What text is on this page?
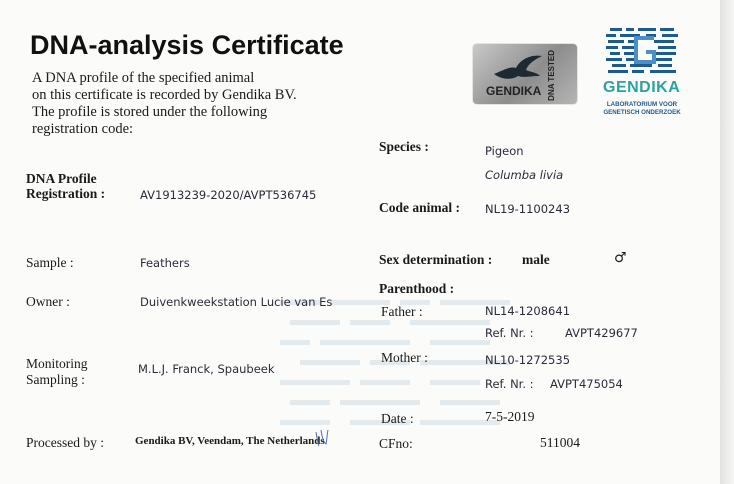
DNA-analysis Certificate
A DNA profile of the specified animal
on this certificate is recorded by Gendika BV.
The profile is stored under the following
registration code:
GENDIKA DNA TESTED	GENDIKA
LABORATORIUM VOOR
GENETISCH ONDERZOEK
DNA Profile
Registration :	AV1913239-2020/AVPT536745
Sample :	Feathers
Owner :	Duivenkweekstation Lucie van Es
Monitoring
Sampling :
M.L.J. Franck, Spaubeek
Processed by :	Gendika BV, Veendam, The Netherlands
Species :	Pigeon
Columba livia
Code animal : NL19-1100243
Sex determination : male	♂
Parenthood :
Father :	NL14-1208641
Ref. Nr. :	AVPT429677
Mother :	NL10-1272535
Ref. Nr. : AVPT475054
Date :	7-5-2019
CFno:	511004
